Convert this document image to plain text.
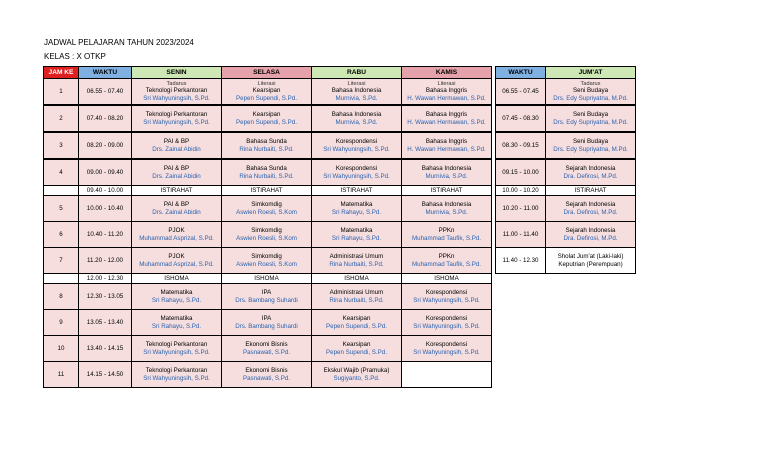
JADWAL PELAJARAN TAHUN 2023/2024
KELAS : X OTKP
JAM KE	WAKTU	SENIN	SELASA	RABU	KAMIS
1	06.55 - 07.40	Tadarus
Teknologi Perkantoran
Sri Wahyuningsih, S.Pd.	Literasi
Kearsipan
Pepen Supendi, S.Pd.	Literasi
Bahasa Indonesia
Murnivia, S.Pd.	Literasi
Bahasa Inggris
H. Wawan Hermawan, S.Pd.

2	07.40 - 08.20	Teknologi Perkantoran
Sri Wahyuningsih, S.Pd.	Kearsipan
Pepen Supendi, S.Pd.	Bahasa Indonesia
Murnivia, S.Pd.	Bahasa Inggris
H. Wawan Hermawan, S.Pd.

3	08.20 - 09.00	PAI & BP
Drs. Zainal Abidin	Bahasa Sunda
Rina Nurbaiti, S.Pd.	Korespondensi
Sri Wahyuningsih, S.Pd.	Bahasa Inggris
H. Wawan Hermawan, S.Pd.

4	09.00 - 09.40	PAI & BP
Drs. Zainal Abidin	Bahasa Sunda
Rina Nurbaiti, S.Pd.	Korespondensi
Sri Wahyuningsih, S.Pd.	Bahasa Indonesia
Murnivia, S.Pd.

	09.40 - 10.00	ISTIRAHAT	ISTIRAHAT	ISTIRAHAT	ISTIRAHAT
5	10.00 - 10.40	PAI & BP
Drs. Zainal Abidin	Simkomdig
Aswien Roesli, S.Kom	Matematika
Sri Rahayu, S.Pd.	Bahasa Indonesia
Murnivia, S.Pd.

6	10.40 - 11.20	PJOK
Muhammad Asprizal, S.Pd.	Simkomdig
Aswien Roesli, S.Kom	Matematika
Sri Rahayu, S.Pd.	PPKn
Muhammad Taufik, S.Pd.

7	11.20 - 12.00	PJOK
Muhammad Asprizal, S.Pd.	Simkomdig
Aswien Roesli, S.Kom	Administrasi Umum
Rina Nurbaiti, S.Pd.	PPKn
Muhammad Taufik, S.Pd.

	12.00 - 12.30	ISHOMA	ISHOMA	ISHOMA	ISHOMA
8	12.30 - 13.05	Matematika
Sri Rahayu, S.Pd.	IPA
Drs. Bambang Suhardi	Administrasi Umum
Rina Nurbaiti, S.Pd.	Korespondensi
Sri Wahyuningsih, S.Pd.

9	13.05 - 13.40	Matematika
Sri Rahayu, S.Pd.	IPA
Drs. Bambang Suhardi	Kearsipan
Pepen Supendi, S.Pd.	Korespondensi
Sri Wahyuningsih, S.Pd.

10	13.40 - 14.15	Teknologi Perkantoran
Sri Wahyuningsih, S.Pd.	Ekonomi Bisnis
Pasnawati, S.Pd.	Kearsipan
Pepen Supendi, S.Pd.	Korespondensi
Sri Wahyuningsih, S.Pd.

11	14.15 - 14.50	Teknologi Perkantoran
Sri Wahyuningsih, S.Pd.	Ekonomi Bisnis
Pasnawati, S.Pd.	Ekskul Wajib (Pramuka)
Sugiyanto, S.Pd.	

WAKTU	JUM'AT
06.55 - 07.45	Tadarus
Seni Budaya
Drs. Edy Supriyatna, M.Pd.

07.45 - 08.30	Seni Budaya
Drs. Edy Supriyatna, M.Pd.

08.30 - 09.15	Seni Budaya
Drs. Edy Supriyatna, M.Pd.

09.15 - 10.00	Sejarah Indonesia
Dra. Defirosi, M.Pd.

10.00 - 10.20	ISTIRAHAT
10.20 - 11.00	Sejarah Indonesia
Dra. Defirosi, M.Pd.

11.00 - 11.40	Sejarah Indonesia
Dra. Defirosi, M.Pd.

11.40 - 12.30	Sholat Jum'at (Laki-laki)
Keputrian (Perempuan)
